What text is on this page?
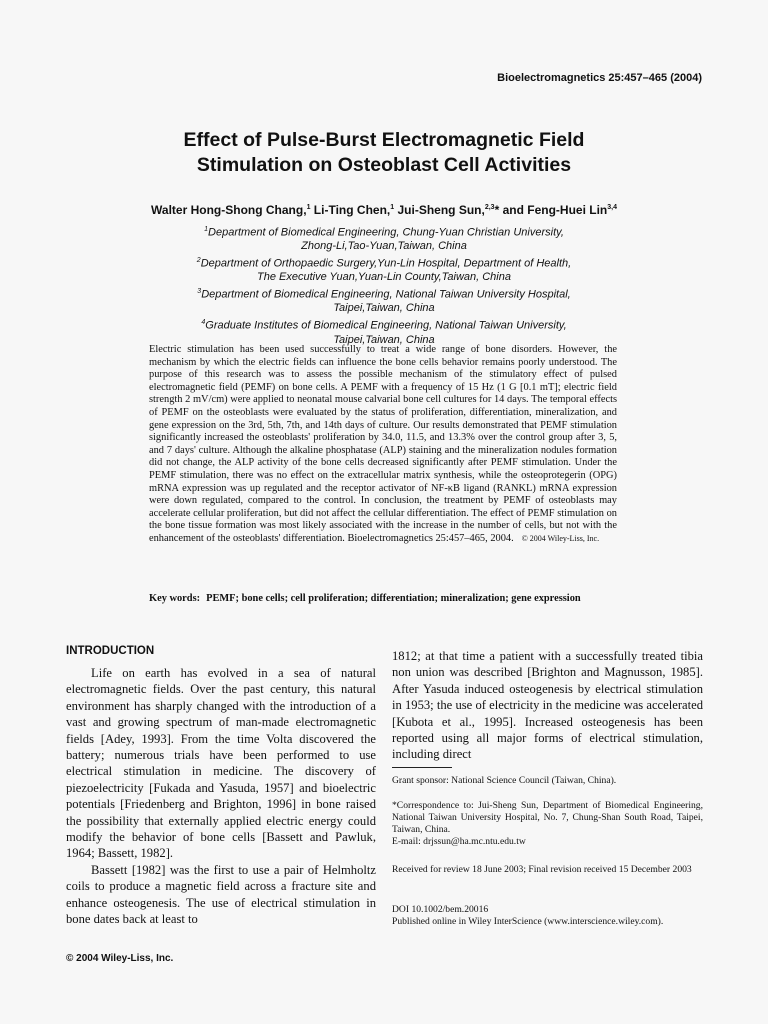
Bioelectromagnetics 25:457–465 (2004)
Effect of Pulse-Burst Electromagnetic Field
Stimulation on Osteoblast Cell Activities
Walter Hong-Shong Chang,$^1$ Li-Ting Chen,$^1$ Jui-Sheng Sun,$^{2,3}$* and Feng-Huei Lin$^{3,4}$
$^1$Department of Biomedical Engineering, Chung-Yuan Christian University,
Zhong-Li,Tao-Yuan,Taiwan, China
$^2$Department of Orthopaedic Surgery,Yun-Lin Hospital, Department of Health,
The Executive Yuan,Yuan-Lin County,Taiwan, China
$^3$Department of Biomedical Engineering, National Taiwan University Hospital,
Taipei,Taiwan, China
$^4$Graduate Institutes of Biomedical Engineering, National Taiwan University,
Taipei,Taiwan, China
Electric stimulation has been used successfully to treat a wide range of bone disorders. However, the mechanism by which the electric fields can influence the bone cells behavior remains poorly understood. The purpose of this research was to assess the possible mechanism of the stimulatory effect of pulsed electromagnetic field (PEMF) on bone cells. A PEMF with a frequency of 15 Hz (1 G [0.1 mT]; electric field strength 2 mV/cm) were applied to neonatal mouse calvarial bone cell cultures for 14 days. The temporal effects of PEMF on the osteoblasts were evaluated by the status of proliferation, differentiation, mineralization, and gene expression on the 3rd, 5th, 7th, and 14th days of culture. Our results demonstrated that PEMF stimulation significantly increased the osteoblasts' proliferation by 34.0, 11.5, and 13.3% over the control group after 3, 5, and 7 days' culture. Although the alkaline phosphatase (ALP) staining and the mineralization nodules formation did not change, the ALP activity of the bone cells decreased significantly after PEMF stimulation. Under the PEMF stimulation, there was no effect on the extracellular matrix synthesis, while the osteoprotegerin (OPG) mRNA expression was up regulated and the receptor activator of NF-κB ligand (RANKL) mRNA expression were down regulated, compared to the control. In conclusion, the treatment by PEMF of osteoblasts may accelerate cellular proliferation, but did not affect the cellular differentiation. The effect of PEMF stimulation on the bone tissue formation was most likely associated with the increase in the number of cells, but not with the enhancement of the osteoblasts' differentiation. Bioelectromagnetics 25:457–465, 2004. © 2004 Wiley-Liss, Inc.
Key words: PEMF; bone cells; cell proliferation; differentiation; mineralization; gene expression
INTRODUCTION

Life on earth has evolved in a sea of natural electromagnetic fields. Over the past century, this natural environment has sharply changed with the introduction of a vast and growing spectrum of man-made electromagnetic fields [Adey, 1993]. From the time Volta discovered the battery; numerous trials have been performed to use electrical stimulation in medicine. The discovery of piezoelectricity [Fukada and Yasuda, 1957] and bioelectric potentials [Friedenberg and Brighton, 1996] in bone raised the possibility that externally applied electric energy could modify the behavior of bone cells [Bassett and Pawluk, 1964; Bassett, 1982].

Bassett [1982] was the first to use a pair of Helmholtz coils to produce a magnetic field across a fracture site and enhance osteogenesis. The use of electrical stimulation in bone dates back at least to

1812; at that time a patient with a successfully treated tibia non union was described [Brighton and Magnusson, 1985]. After Yasuda induced osteogenesis by electrical stimulation in 1953; the use of electricity in the medicine was accelerated [Kubota et al., 1995]. Increased osteogenesis has been reported using all major forms of electrical stimulation, including direct

Grant sponsor: National Science Council (Taiwan, China).
*Correspondence to: Jui-Sheng Sun, Department of Biomedical Engineering, National Taiwan University Hospital, No. 7, Chung-Shan South Road, Taipei, Taiwan, China.
E-mail: drjssun@ha.mc.ntu.edu.tw
Received for review 18 June 2003; Final revision received 15 December 2003
DOI 10.1002/bem.20016
Published online in Wiley InterScience (www.interscience.wiley.com).
© 2004 Wiley-Liss, Inc.
